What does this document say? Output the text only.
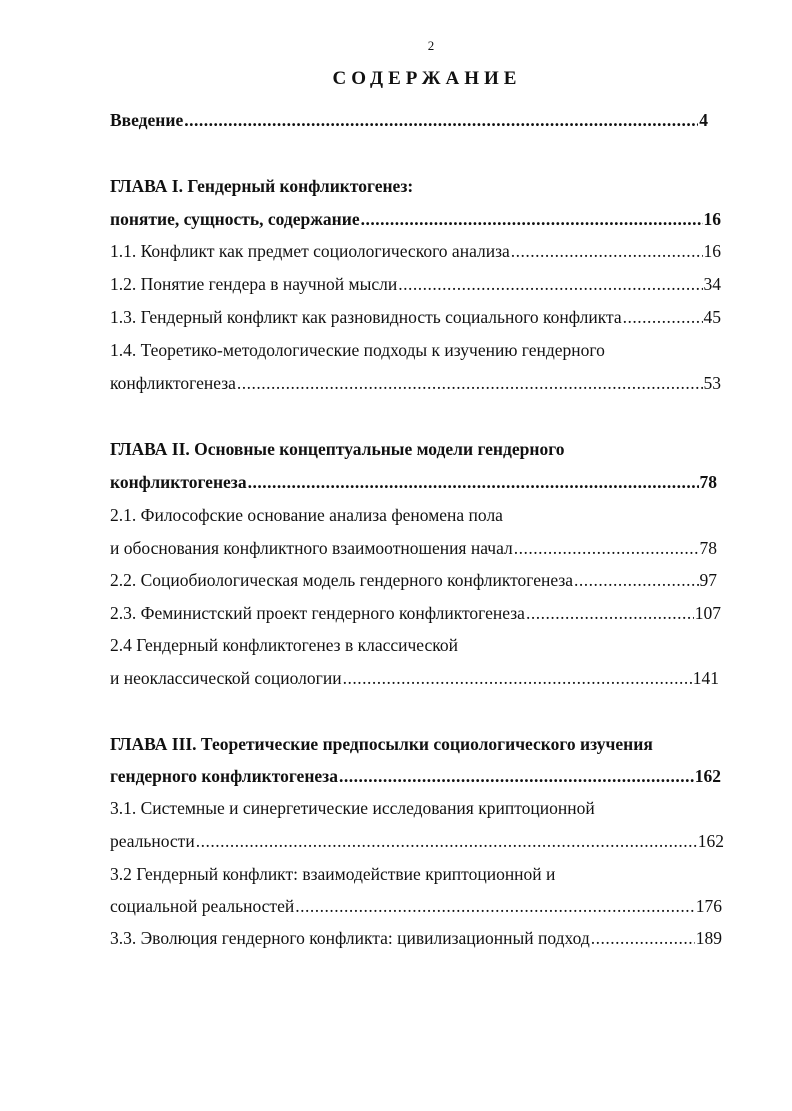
2
СОДЕРЖАНИЕ
Введение .....	4
ГЛАВА I. Гендерный конфликтогенез:
понятие, сущность, содержание .....	16
1.1. Конфликт как предмет социологического анализа .....	16
1.2. Понятие гендера в научной мысли .....	34
1.3. Гендерный конфликт как разновидность социального конфликта .....	45
1.4. Теоретико-методологические подходы к изучению гендерного
конфликтогенеза .....	53
ГЛАВА II. Основные концептуальные модели гендерного
конфликтогенеза .....	78
2.1. Философские основание анализа феномена пола
и обоснования конфликтного взаимоотношения начал .....	78
2.2. Социобиологическая модель гендерного конфликтогенеза .....	97
2.3. Феминистский проект гендерного конфликтогенеза .....	107
2.4 Гендерный конфликтогенез в классической
и неоклассической социологии .....	141
ГЛАВА III. Теоретические предпосылки социологического изучения
гендерного конфликтогенеза .....	162
3.1. Системные и синергетические исследования криптоционной
реальности .....	162
3.2 Гендерный конфликт: взаимодействие криптоционной и
социальной реальностей .....	176
3.3. Эволюция гендерного конфликта: цивилизационный подход .....	189
